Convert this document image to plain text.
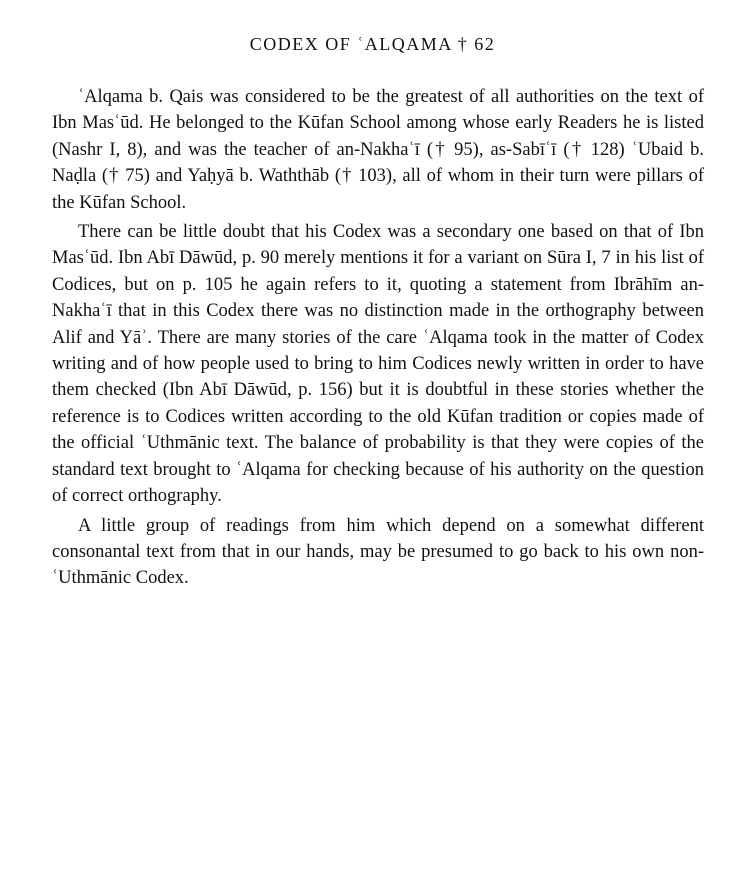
CODEX OF ʿALQAMA † 62

ʿAlqama b. Qais was considered to be the greatest of all authorities on the text of Ibn Masʿūd. He belonged to the Kūfan School among whose early Readers he is listed (Nashr I, 8), and was the teacher of an-Nakhaʿī († 95), as-Sabīʿī († 128) ʿUbaid b. Naḍla († 75) and Yaḥyā b. Waththāb († 103), all of whom in their turn were pillars of the Kūfan School.

There can be little doubt that his Codex was a secondary one based on that of Ibn Masʿūd. Ibn Abī Dāwūd, p. 90 merely mentions it for a variant on Sūra I, 7 in his list of Codices, but on p. 105 he again refers to it, quoting a statement from Ibrāhīm an-Nakhaʿī that in this Codex there was no distinction made in the orthography between Alif and Yāʾ. There are many stories of the care ʿAlqama took in the matter of Codex writing and of how people used to bring to him Codices newly written in order to have them checked (Ibn Abī Dāwūd, p. 156) but it is doubtful in these stories whether the reference is to Codices written according to the old Kūfan tradition or copies made of the official ʿUthmānic text. The balance of probability is that they were copies of the standard text brought to ʿAlqama for checking because of his authority on the question of correct orthography.

A little group of readings from him which depend on a somewhat different consonantal text from that in our hands, may be presumed to go back to his own non-ʿUthmānic Codex.
